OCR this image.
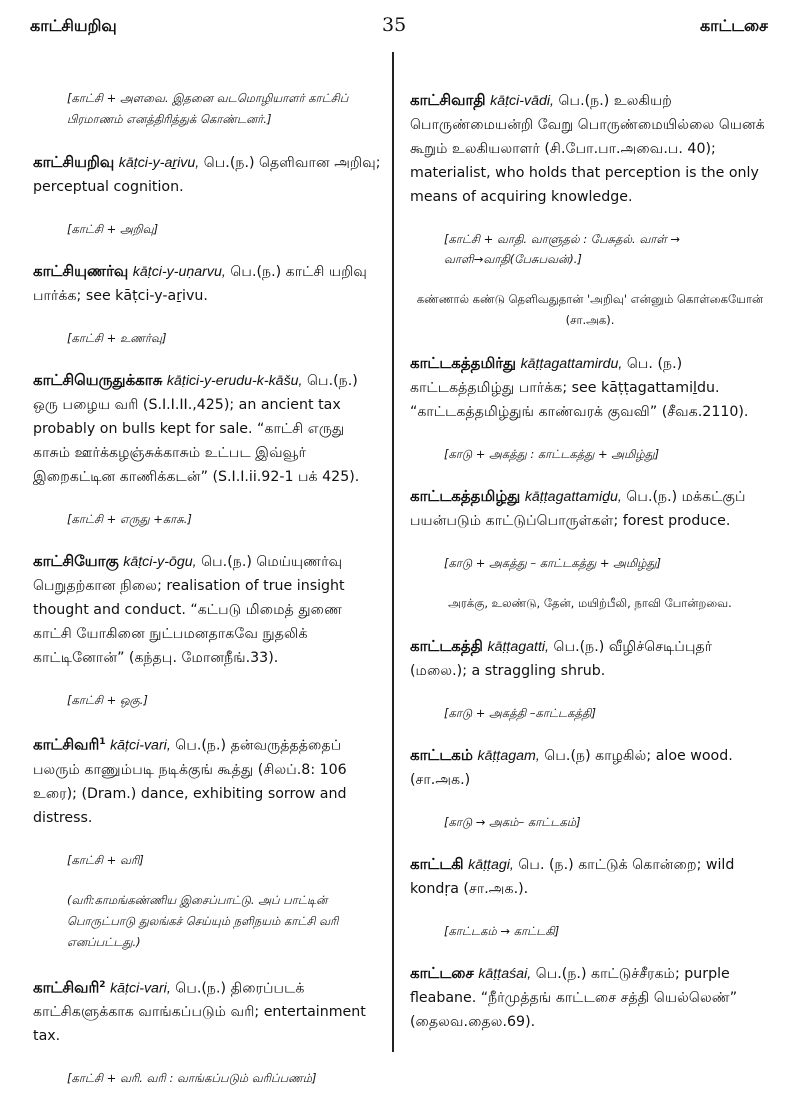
காட்சியறிவு	35	காட்டசை
[காட்சி + அளவை. இதனை வடமொழியாளர் காட்சிப் பிரமாணம் எனத்திரித்துக் கொண்டனர்.]
காட்சியறிவு kāṭci-y-aṟivu, பெ.(ந.) தெளிவான அறிவு; perceptual cognition.
[காட்சி + அறிவு]
காட்சியுணர்வு kāṭci-y-uṇarvu, பெ.(ந.) காட்சி யறிவு பார்க்க; see kāṭci-y-aṟivu.
[காட்சி + உணர்வு]
காட்சியெருதுக்காசு kāṭici-y-erudu-k-kāšu, பெ.(ந.) ஒரு பழைய வரி (S.I.I.II.,425); an ancient tax probably on bulls kept for sale. “காட்சி எருது காசும் ஊர்க்கழஞ்சுக்காசும் உட்பட இவ்வூர் இறைகட்டின காணிக்கடன்” (S.I.I.ii.92-1 பக் 425).
[காட்சி + எருது +காசு.]
காட்சியோகு kāṭci-y-ōgu, பெ.(ந.) மெய்யுணர்வு பெறுதற்கான நிலை; realisation of true insight thought and conduct. “கட்படு மிமைத் துணை காட்சி யோகினை நுட்பமனதாகவே நுதலிக் காட்டினோன்” (கந்தபு. மோனநீங்.33).
[காட்சி + ஒகு.]
காட்சிவரி$^1$ kāṭci-vari, பெ.(ந.) தன்வருத்தத்தைப் பலரும் காணும்படி நடிக்குங் கூத்து (சிலப்.8: 106 உரை); (Dram.) dance, exhibiting sorrow and distress.
[காட்சி + வரி]
(வரி:காமங்கண்ணிய இசைப்பாட்டு. அப் பாட்டின் பொருட்பாடு துலங்கச் செய்யும் நளிநயம் காட்சி வரி எனப்பட்டது.)
காட்சிவரி$^2$ kāṭci-vari, பெ.(ந.) திரைப்படக் காட்சிகளுக்காக வாங்கப்படும் வரி; entertainment tax.
[காட்சி + வரி. வரி : வாங்கப்படும் வரிப்பணம்]
காட்சிவாதி kāṭci-vādi, பெ.(ந.) உலகியற் பொருண்மையன்றி வேறு பொருண்மையில்லை யெனக் கூறும் உலகியலாளர் (சி.போ.பா.அவை.ப. 40); materialist, who holds that perception is the only means of acquiring knowledge.
[காட்சி + வாதி. வாளுதல் : பேசுதல். வாள் → வாளி→வாதி(பேசுபவன்).]
கண்ணால் கண்டு தெளிவதுதான் 'அறிவு' என்னும் கொள்கையோன் (சா.அக).
காட்டகத்தமிர்து kāṭṭagattamirdu, பெ. (ந.) காட்டகத்தமிழ்து பார்க்க; see kāṭṭagattamiḻdu. “காட்டகத்தமிழ்துங் காண்வரக் குவவி” (சீவக.2110).
[காடு + அகத்து : காட்டகத்து + அமிழ்து]
காட்டகத்தமிழ்து kāṭṭagattamiḏu, பெ.(ந.) மக்கட்குப் பயன்படும் காட்டுப்பொருள்கள்; forest produce.
[காடு + அகத்து – காட்டகத்து + அமிழ்து]
அரக்கு, உலண்டு, தேன், மயிற்பீலி, நாவி போன்றவை.
காட்டகத்தி kāṭṭagatti, பெ.(ந.) வீழிச்செடிப்புதர் (மலை.); a straggling shrub.
[காடு + அகத்தி –காட்டகத்தி]
காட்டகம் kāṭṭagam, பெ.(ந) காழகில்; aloe wood. (சா.அக.)
[காடு → அகம்– காட்டகம்]
காட்டகி kāṭṭagi, பெ. (ந.) காட்டுக் கொன்றை; wild kondṛa (சா.அக.).
[காட்டகம் → காட்டகி]
காட்டசை kāṭṭaśai, பெ.(ந.) காட்டுச்சீரகம்; purple fleabane. “நீர்முத்தங் காட்டசை சத்தி யெல்லெண்” (தைலவ.தைல.69).
